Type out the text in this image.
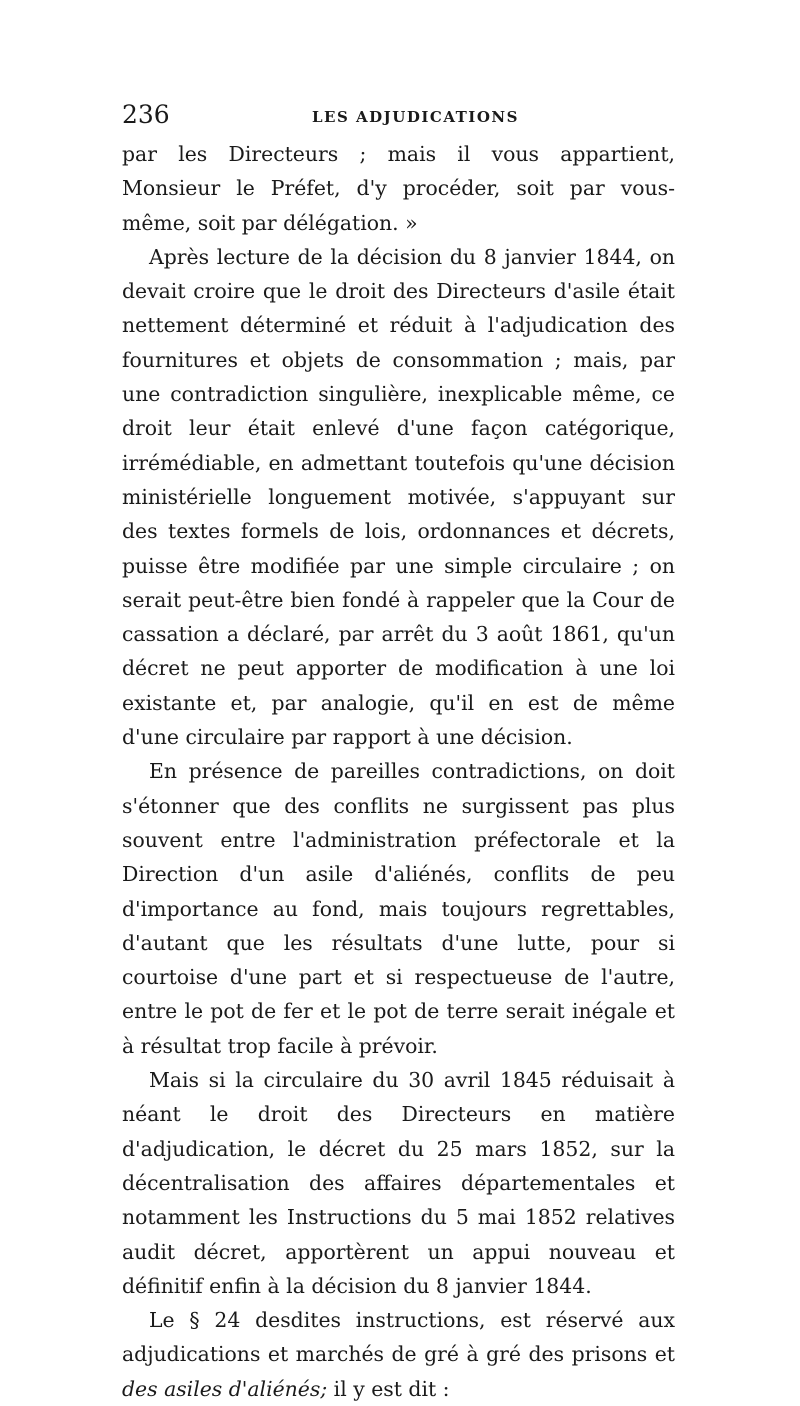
236	LES ADJUDICATIONS

par les Directeurs ; mais il vous appartient, Monsieur le Préfet, d'y procéder, soit par vous-même, soit par délégation. »

Après lecture de la décision du 8 janvier 1844, on devait croire que le droit des Directeurs d'asile était nettement déterminé et réduit à l'adjudication des fournitures et objets de consommation ; mais, par une contradiction singulière, inexplicable même, ce droit leur était enlevé d'une façon catégorique, irrémédiable, en admettant toutefois qu'une décision ministérielle longuement motivée, s'appuyant sur des textes formels de lois, ordonnances et décrets, puisse être modifiée par une simple circulaire ; on serait peut-être bien fondé à rappeler que la Cour de cassation a déclaré, par arrêt du 3 août 1861, qu'un décret ne peut apporter de modification à une loi existante et, par analogie, qu'il en est de même d'une circulaire par rapport à une décision.

En présence de pareilles contradictions, on doit s'étonner que des conflits ne surgissent pas plus souvent entre l'administration préfectorale et la Direction d'un asile d'aliénés, conflits de peu d'importance au fond, mais toujours regrettables, d'autant que les résultats d'une lutte, pour si courtoise d'une part et si respectueuse de l'autre, entre le pot de fer et le pot de terre serait inégale et à résultat trop facile à prévoir.

Mais si la circulaire du 30 avril 1845 réduisait à néant le droit des Directeurs en matière d'adjudication, le décret du 25 mars 1852, sur la décentralisation des affaires départementales et notamment les Instructions du 5 mai 1852 relatives audit décret, apportèrent un appui nouveau et définitif enfin à la décision du 8 janvier 1844.

Le § 24 desdites instructions, est réservé aux adjudications et marchés de gré à gré des prisons et des asiles d'aliénés; il y est dit :
